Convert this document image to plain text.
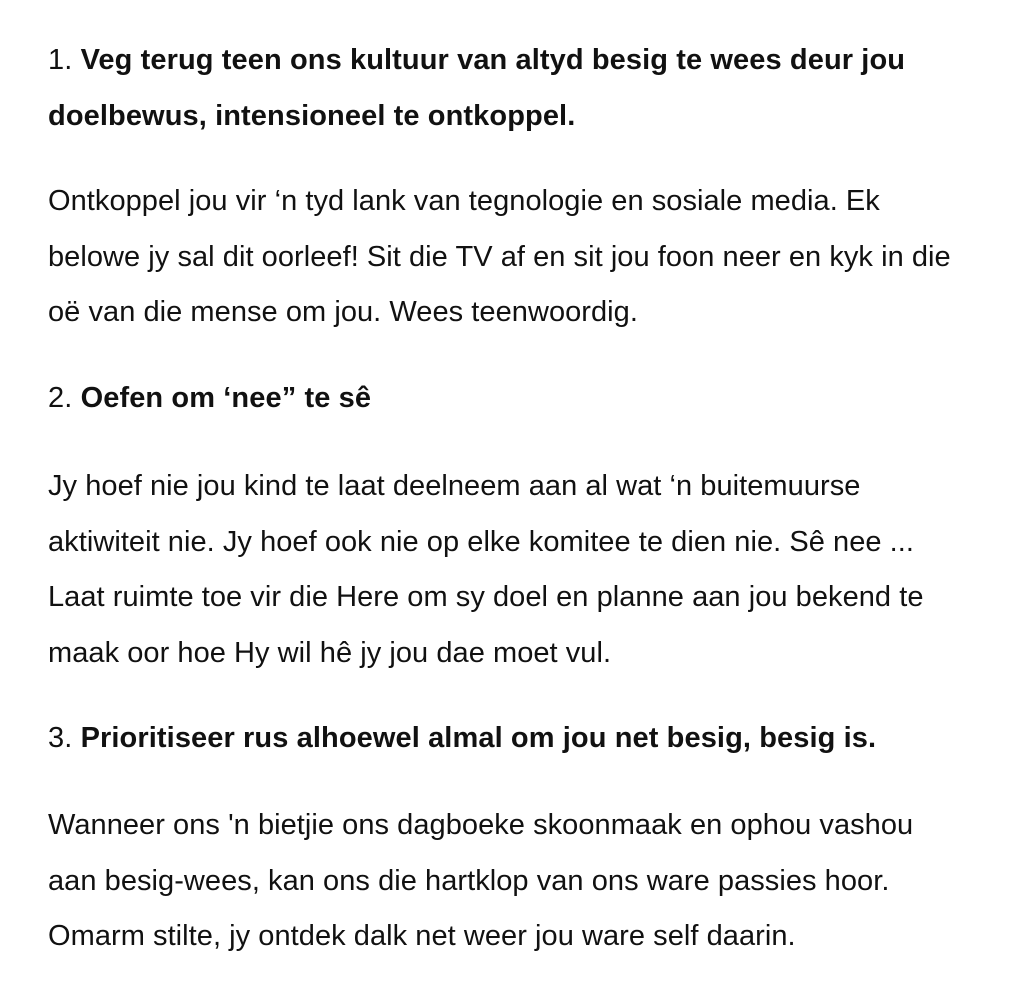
1. Veg terug teen ons kultuur van altyd besig te wees deur jou
doelbewus, intensioneel te ontkoppel.

Ontkoppel jou vir ‘n tyd lank van tegnologie en sosiale media. Ek
belowe jy sal dit oorleef! Sit die TV af en sit jou foon neer en kyk in die
oë van die mense om jou. Wees teenwoordig.

2. Oefen om ‘nee” te sê

Jy hoef nie jou kind te laat deelneem aan al wat ‘n buitemuurse
aktiwiteit nie. Jy hoef ook nie op elke komitee te dien nie. Sê nee ...
Laat ruimte toe vir die Here om sy doel en planne aan jou bekend te
maak oor hoe Hy wil hê jy jou dae moet vul.

3. Prioritiseer rus alhoewel almal om jou net besig, besig is.

Wanneer ons 'n bietjie ons dagboeke skoonmaak en ophou vashou
aan besig-wees, kan ons die hartklop van ons ware passies hoor.
Omarm stilte, jy ontdek dalk net weer jou ware self daarin.
